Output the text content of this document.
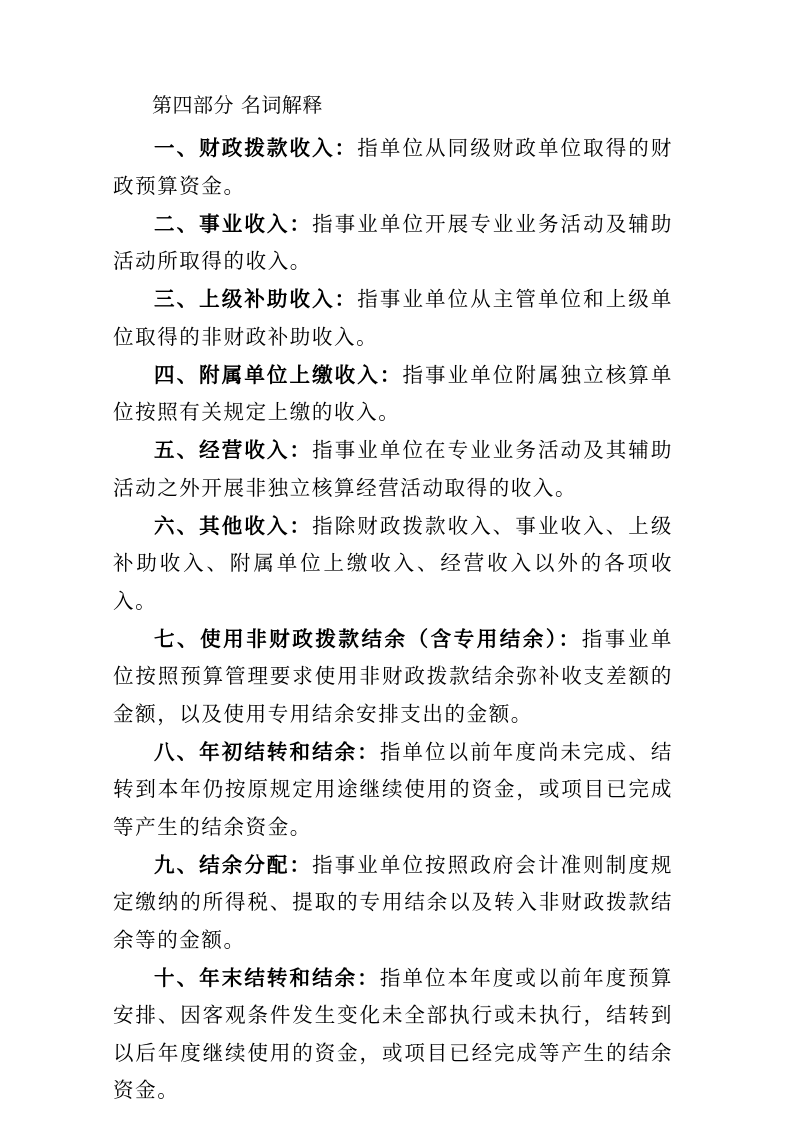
第四部分 名词解释

一、财政拨款收入：指单位从同级财政单位取得的财政预算资金。

二、事业收入：指事业单位开展专业业务活动及辅助活动所取得的收入。

三、上级补助收入：指事业单位从主管单位和上级单位取得的非财政补助收入。

四、附属单位上缴收入：指事业单位附属独立核算单位按照有关规定上缴的收入。

五、经营收入：指事业单位在专业业务活动及其辅助活动之外开展非独立核算经营活动取得的收入。

六、其他收入：指除财政拨款收入、事业收入、上级补助收入、附属单位上缴收入、经营收入以外的各项收入。

七、使用非财政拨款结余（含专用结余）：指事业单位按照预算管理要求使用非财政拨款结余弥补收支差额的金额，以及使用专用结余安排支出的金额。

八、年初结转和结余：指单位以前年度尚未完成、结转到本年仍按原规定用途继续使用的资金，或项目已完成等产生的结余资金。

九、结余分配：指事业单位按照政府会计准则制度规定缴纳的所得税、提取的专用结余以及转入非财政拨款结余等的金额。

十、年末结转和结余：指单位本年度或以前年度预算安排、因客观条件发生变化未全部执行或未执行，结转到以后年度继续使用的资金，或项目已经完成等产生的结余资金。
